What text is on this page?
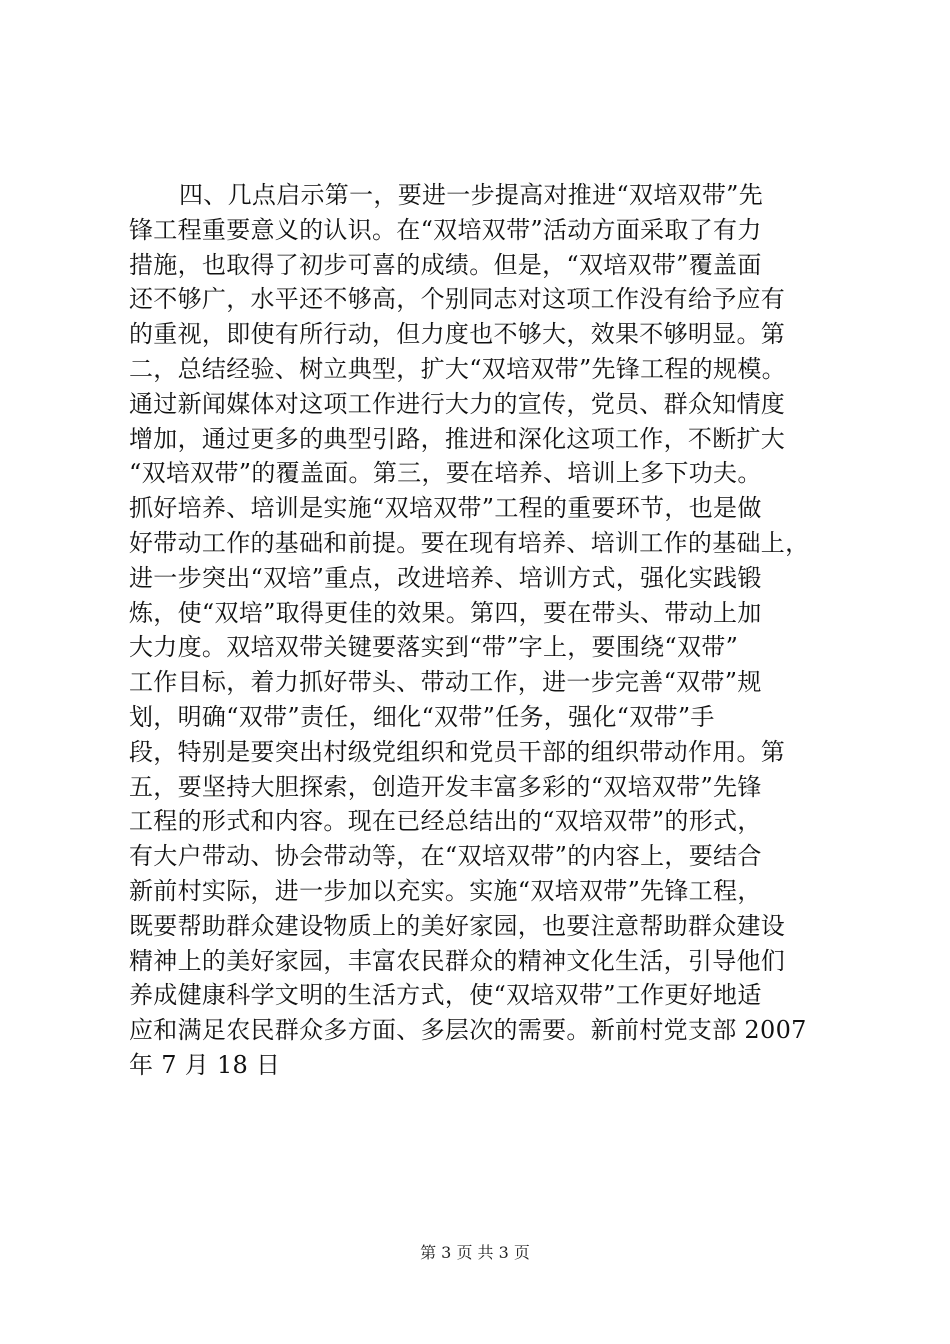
四、几点启示第一，要进一步提高对推进“双培双带”先
锋工程重要意义的认识。在“双培双带”活动方面采取了有力
措施，也取得了初步可喜的成绩。但是，“双培双带”覆盖面
还不够广，水平还不够高，个别同志对这项工作没有给予应有
的重视，即使有所行动，但力度也不够大，效果不够明显。第
二，总结经验、树立典型，扩大“双培双带”先锋工程的规模。
通过新闻媒体对这项工作进行大力的宣传，党员、群众知情度
增加，通过更多的典型引路，推进和深化这项工作，不断扩大
“双培双带”的覆盖面。第三，要在培养、培训上多下功夫。
抓好培养、培训是实施“双培双带”工程的重要环节，也是做
好带动工作的基础和前提。要在现有培养、培训工作的基础上，
进一步突出“双培”重点，改进培养、培训方式，强化实践锻
炼，使“双培”取得更佳的效果。第四，要在带头、带动上加
大力度。双培双带关键要落实到“带”字上，要围绕“双带”
工作目标，着力抓好带头、带动工作，进一步完善“双带”规
划，明确“双带”责任，细化“双带”任务，强化“双带”手
段，特别是要突出村级党组织和党员干部的组织带动作用。第
五，要坚持大胆探索，创造开发丰富多彩的“双培双带”先锋
工程的形式和内容。现在已经总结出的“双培双带”的形式，
有大户带动、协会带动等，在“双培双带”的内容上，要结合
新前村实际，进一步加以充实。实施“双培双带”先锋工程，
既要帮助群众建设物质上的美好家园，也要注意帮助群众建设
精神上的美好家园，丰富农民群众的精神文化生活，引导他们
养成健康科学文明的生活方式，使“双培双带”工作更好地适
应和满足农民群众多方面、多层次的需要。新前村党支部 2007
年 7 月 18 日
第 3 页 共 3 页
